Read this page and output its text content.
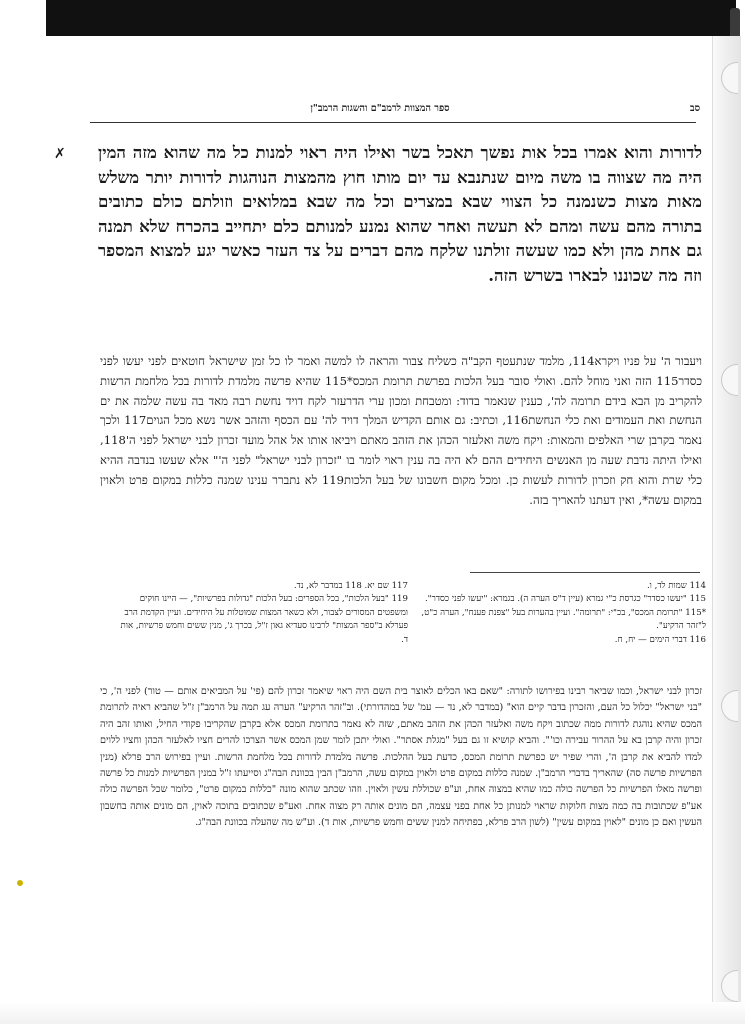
סב
ספר המצוות לרמב"ם והשגות הרמב"ן
✗ לדורות והוא אמרו בכל אות נפשך תאכל בשר ואילו היה ראוי למנות כל מה שהוא מזה המין היה מה שצווה בו משה מיום שנתנבא עד יום מותו חוץ מהמצות הנוהגות לדורות יותר משלש מאות מצות כשנמנה כל הצווי שבא במצרים וכל מה שבא במלואים וזולתם כולם כתובים בתורה מהם עשה ומהם לא תעשה ואחר שהוא נמנע למנותם כלם יתחייב בהכרח שלא תמנה גם אחת מהן ולא כמו שעשה זולתנו שלקח מהם דברים על צד העזר כאשר יגע למצוא המספר וזה מה שכוננו לבארו בשרש הזה.

ויעבור ה' על פניו ויקרא114, מלמד שנתעטף הקב"ה כשליח צבור והראה לו למשה ואמר לו כל זמן שישראל חוטאים לפני יעשו לפני כסדר115 הזה ואני מוחל להם. ואולי סובר בעל הלכות בפרשת תרומת המכס*115 שהיא פרשה מלמדת לדורות בכל מלחמת הרשות להקריב מן הבא בידם תרומה לה', כענין שנאמר בדוד: ומטבחת ומכון ערי הדרעזר לקח דויד נחשת רבה מאד בה עשה שלמה את ים הנחשת ואת העמודים ואת כלי הנחשת116, וכתיב: גם אותם הקדיש המלך דויד לה' עם הכסף והזהב אשר נשא מכל הגוים117 ולכך נאמר בקרבן שרי האלפים והמאות: ויקח משה ואלעזר הכהן את הזהב מאתם ויביאו אותו אל אהל מועד זכרון לבני ישראל לפני ה'118, ואילו היתה נדבת שעה מן האנשים היחידים ההם לא היה בה ענין ראוי לומר בו "זכרון לבני ישראל" לפני ה'" אלא שעשו בנדבה ההיא כלי שרת והוא חק וזכרון לדורות לעשות כן. ומכל מקום חשבונו של בעל הלכות119 לא נתברר ענינו שמנה כללות במקום פרט ולאוין במקום עשה*, ואין דעתנו להאריך בזה.

114 שמות לד, ו.
115 "יעשו כסדר" כגרסת כ"י גמרא (עיין ד"ס הערה ה). בגמרא: "יעשו לפני כסדר".
*115 "תרומת המכס", בכ"י: "תרומה". ועיין בהערות בעל "צפנת פענח", הערה כ"ט, ל"זהר הרקיע".
116 דברי הימים — יח, ח.
117 שם יא. 118 במדבר לא, נד.
119 "בעל הלכות", בכל הספרים: בעל הלכות "גדולות בפרשיות", — היינו חוקים ומשפטים המסורים לצבור, ולא כשאר המצות שמוטלות על היחידים. ועיין הקדמת הרב פערלא ב"ספר המצות" לרבינו סעדיא גאון ז"ל, בכרך ג', מנין ששים וחמש פרשיות, אות ד.

זכרון לבני ישראל, וכמו שביאר רבינו בפירושו לתורה: "שאם באו הכלים לאוצר בית השם היה ראוי שיאמר זכרון להם (פי' על המביאים אותם — טור) לפני ה', כי "בני ישראל" יכלול כל העם, והזכרון בדבר קיים הוא" (במדבר לא, נד — עמ' של במהדורתי). וב"זהר הרקיע" הערה עג תמה על הרמב"ן ז"ל שהביא ראיה לתרומת המכס שהיא נוהגת לדורות ממה שכתוב ויקח משה ואלעזר הכהן את הזהב מאתם, שזה לא נאמר בתרומת המכס אלא בקרבן שהקריבו פקודי החיל, ואותו זהב היה זכרון והיה קרבן בא על ההרור עבירה וכו'". והביא קושיא זו גם בעל "מגלת אסתר". ואולי יתכן לומר שמן המכס אשר הצרכו להרים חציו לאלעזר הכהן וחציו ללוים למדו להביא את קרבן ה', והרי שפיר יש כפרשת תרומת המכס, כדעת בעל ההלכות. פרשה מלמדת לדורות בכל מלחמת הרשות. ועיין בפירוש הרב פרלא (מנין הפרשיות פרשה סה) שהאריך בדברי הרמב"ן. שמנה כללות במקום פרט ולאוין במקום עשה, הרמב"ן הבין בכוונת הבה"ג וסייעתו ז"ל במנין הפרשיות למנות כל פרשה ופרשה מאלו הפרשיות כל הפרשה כולה כמו שהיא במצוה אחת, וע"פ שכוללת עשין ולאוין. וזהו שכתב שהוא מונה "כללות במקום פרט", כלומר שכל הפרשה כולה אע"פ שכתובות בה כמה מצות חלוקות שראוי למנותן כל אחת בפני עצמה, הם מונים אותה רק מצוה אחת. ואע"פ שכתובים בתוכה לאוין, הם מונים אותה בחשבון העשין ואם כן מונים "לאוין במקום עשין" (לשון הרב פרלא, בפתיחה למנין ששים וחמש פרשיות, אות ד). וע"ש מה שהעלה בכוונת הבה"ג.
